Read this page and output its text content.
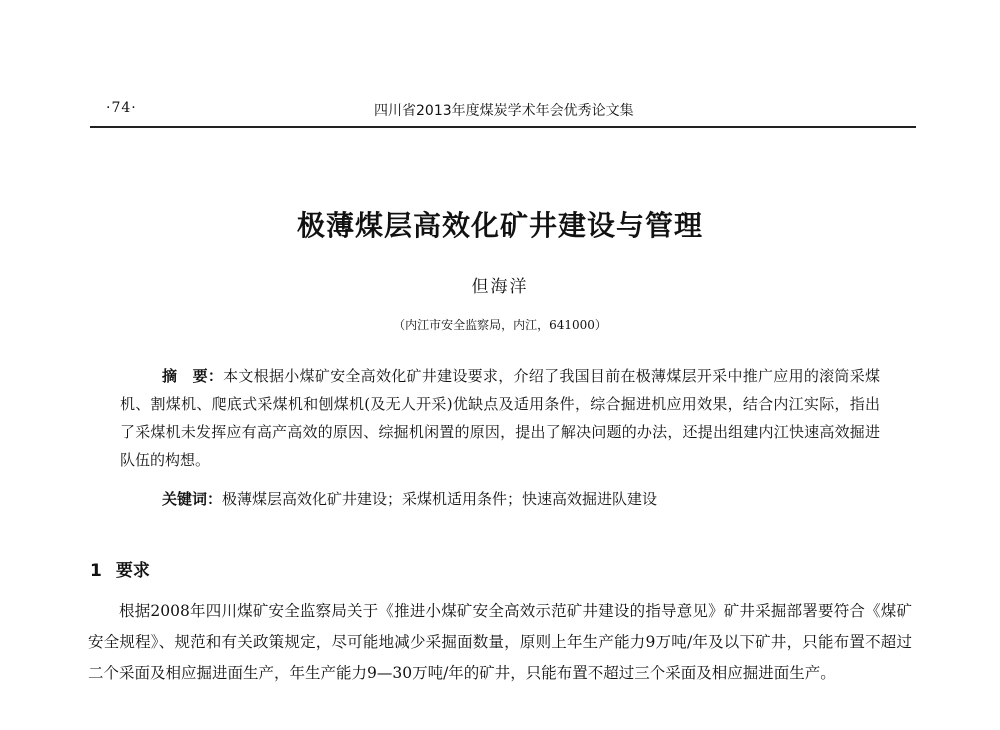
·74·	四川省2013年度煤炭学术年会优秀论文集
极薄煤层高效化矿井建设与管理
但海洋
（内江市安全监察局，内江，641000）
摘　要：本文根据小煤矿安全高效化矿井建设要求，介绍了我国目前在极薄煤层开采中推广应用的滚筒采煤机、割煤机、爬底式采煤机和刨煤机(及无人开采)优缺点及适用条件，综合掘进机应用效果，结合内江实际，指出了采煤机未发挥应有高产高效的原因、综掘机闲置的原因，提出了解决问题的办法，还提出组建内江快速高效掘进队伍的构想。
关键词：极薄煤层高效化矿井建设；采煤机适用条件；快速高效掘进队建设
1 要求
根据2008年四川煤矿安全监察局关于《推进小煤矿安全高效示范矿井建设的指导意见》矿井采掘部署要符合《煤矿安全规程》、规范和有关政策规定，尽可能地减少采掘面数量，原则上年生产能力9万吨/年及以下矿井，只能布置不超过二个采面及相应掘进面生产，年生产能力9—30万吨/年的矿井，只能布置不超过三个采面及相应掘进面生产。
